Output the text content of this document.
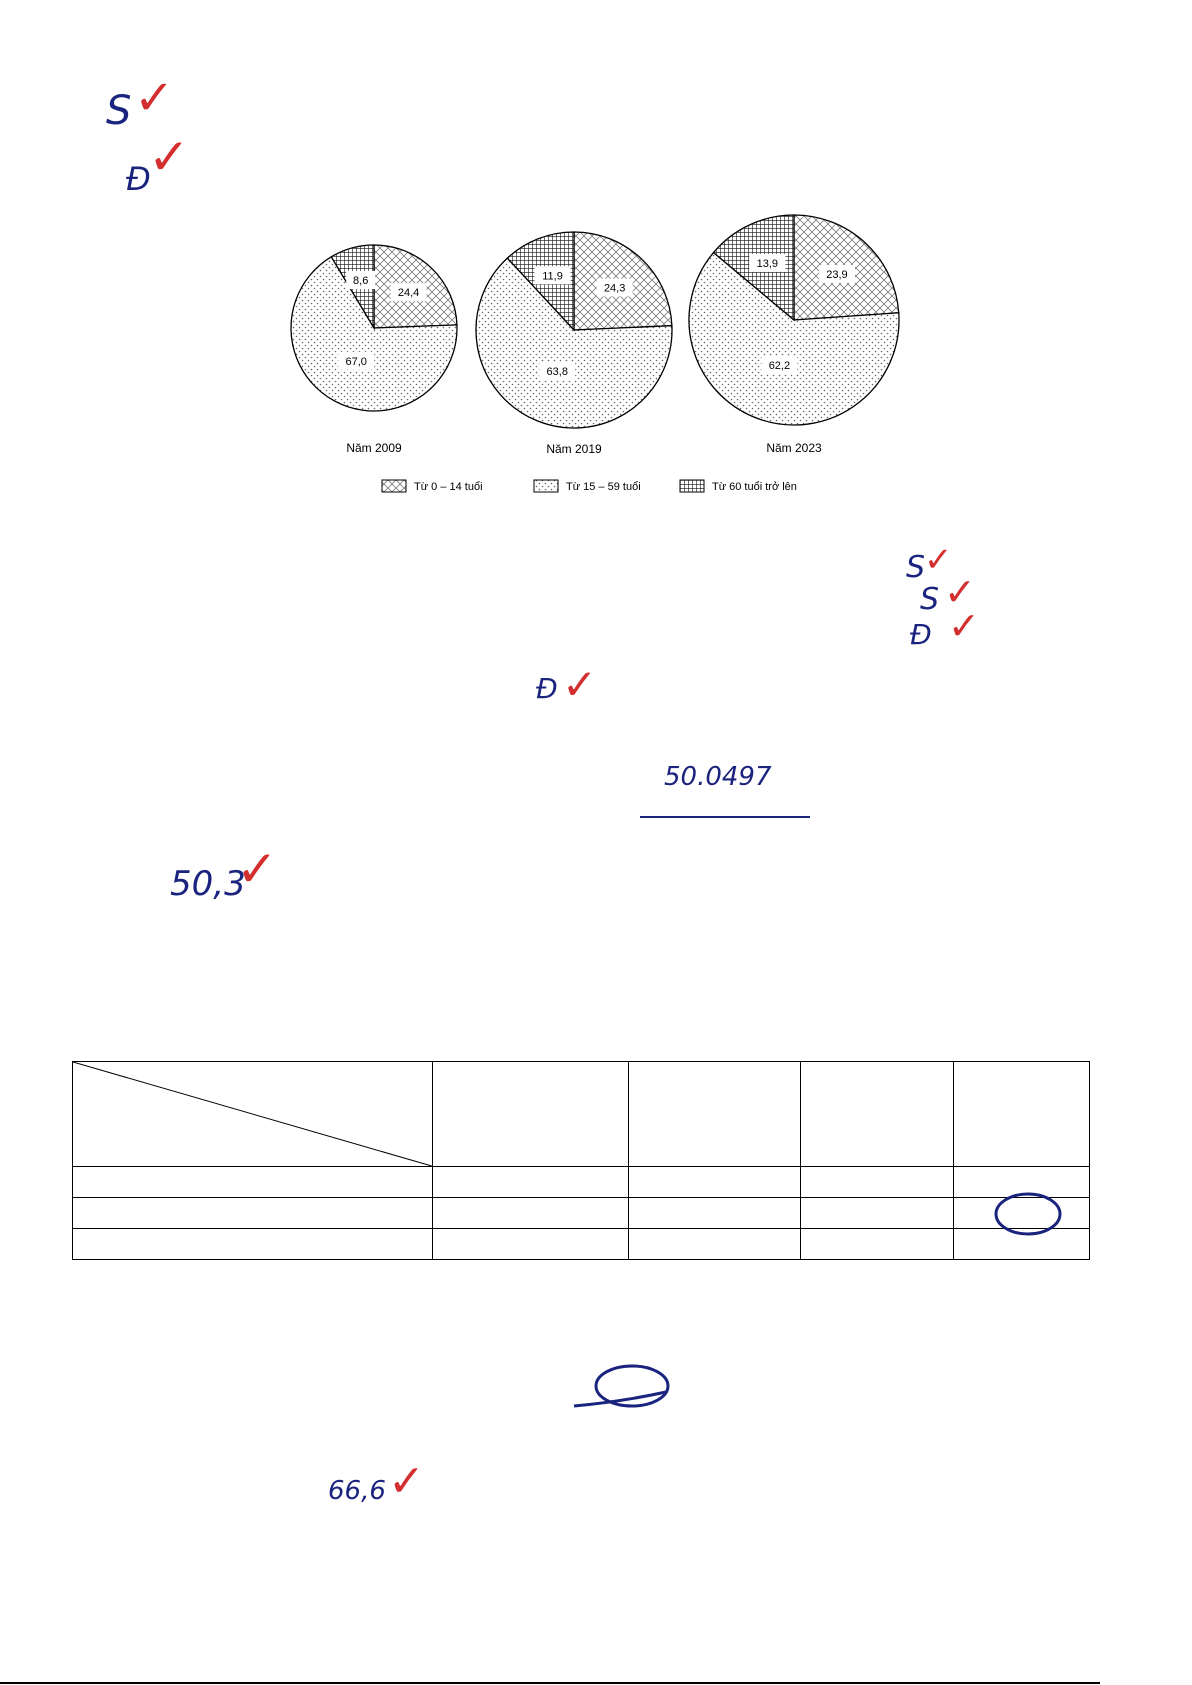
S ✓
Đ
✓
24,4
67,0
8,6
Năm 2009
24,3
63,8
11,9
Năm 2019
23,9
62,2
13,9
Năm 2023
Từ 0 – 14 tuổi	Từ 15 – 59 tuổi	Từ 60 tuổi trở lên
S
✓
S ✓
Đ ✓
Đ ✓
50.0497
50,3
✓

66,6 ✓
